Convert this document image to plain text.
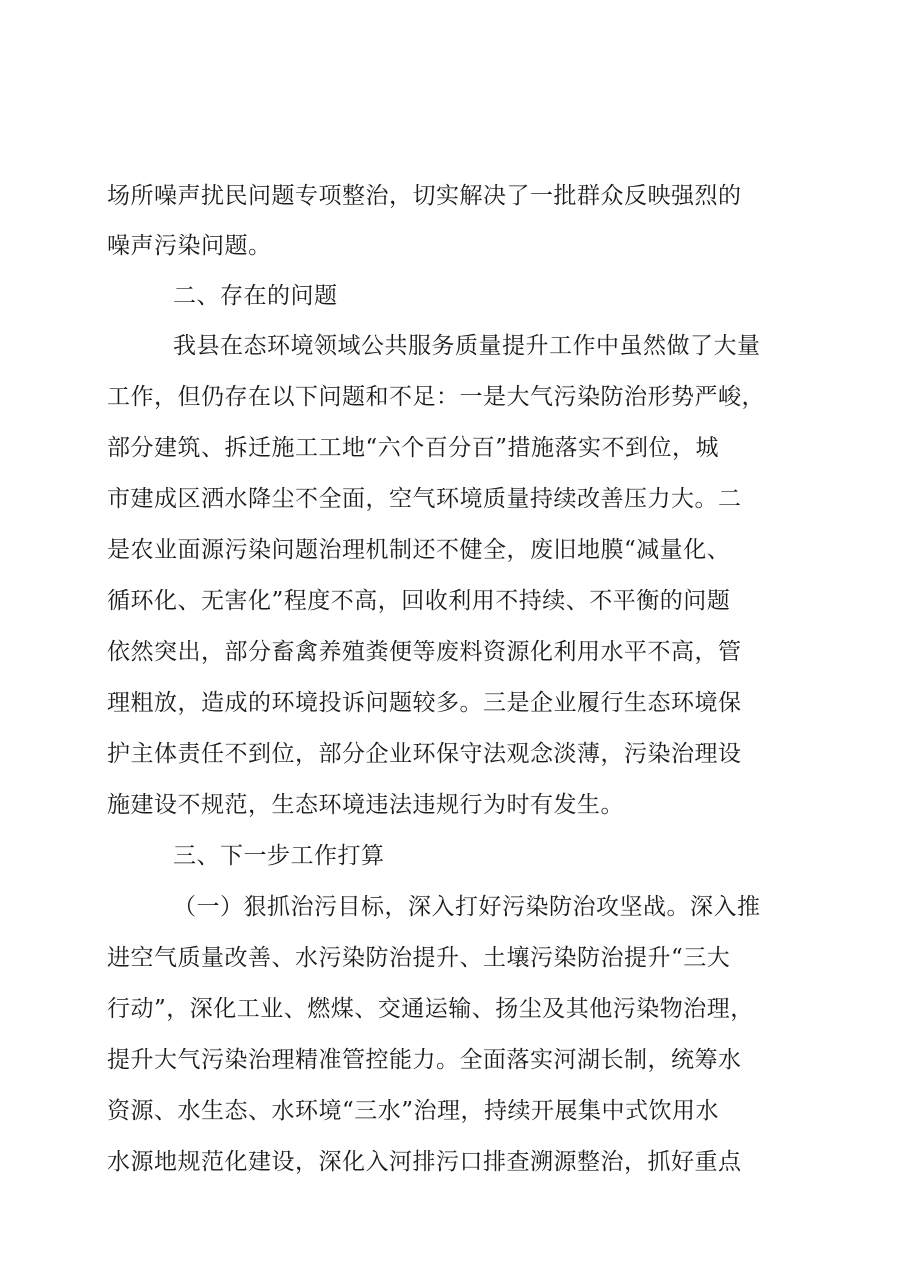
场所噪声扰民问题专项整治，切实解决了一批群众反映强烈的
噪声污染问题。
二、存在的问题
我县在态环境领域公共服务质量提升工作中虽然做了大量
工作，但仍存在以下问题和不足：一是大气污染防治形势严峻，
部分建筑、拆迁施工工地“六个百分百”措施落实不到位，城
市建成区洒水降尘不全面，空气环境质量持续改善压力大。二
是农业面源污染问题治理机制还不健全，废旧地膜“减量化、
循环化、无害化”程度不高，回收利用不持续、不平衡的问题
依然突出，部分畜禽养殖粪便等废料资源化利用水平不高，管
理粗放，造成的环境投诉问题较多。三是企业履行生态环境保
护主体责任不到位，部分企业环保守法观念淡薄，污染治理设
施建设不规范，生态环境违法违规行为时有发生。
三、下一步工作打算
（一）狠抓治污目标，深入打好污染防治攻坚战。深入推
进空气质量改善、水污染防治提升、土壤污染防治提升“三大
行动”，深化工业、燃煤、交通运输、扬尘及其他污染物治理，
提升大气污染治理精准管控能力。全面落实河湖长制，统筹水
资源、水生态、水环境“三水”治理，持续开展集中式饮用水
水源地规范化建设，深化入河排污口排查溯源整治，抓好重点
